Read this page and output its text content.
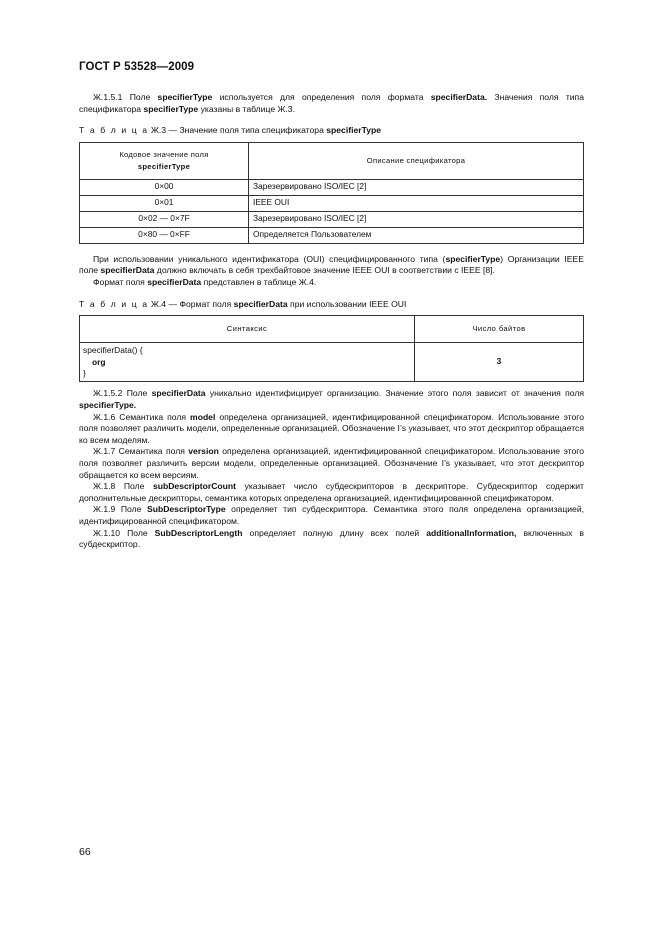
ГОСТ Р 53528—2009

Ж.1.5.1 Поле specifierType используется для определения поля формата specifierData. Значения поля типа спецификатора specifierType указаны в таблице Ж.3.

Т а б л и ц а Ж.3 — Значение поля типа спецификатора specifierType
Кодовое значение поля
specifierType	Описание спецификатора
0×00	Зарезервировано ISO/IEC [2]
0×01	IEEE OUI
0×02 — 0×7F	Зарезервировано ISO/IEC [2]
0×80 — 0×FF	Определяется Пользователем

При использовании уникального идентификатора (OUI) специфицированного типа (specifierType) Организации IEEE поле specifierData должно включать в себя трехбайтовое значение IEEE OUI в соответствии с IEEE [8].

Формат поля specifierData представлен в таблице Ж.4.

Т а б л и ц а Ж.4 — Формат поля specifierData при использовании IEEE OUI
Синтаксис	Число байтов

specifierData() {
org
}	3

Ж.1.5.2 Поле specifierData уникально идентифицирует организацию. Значение этого поля зависит от значения поля specifierType.

Ж.1.6 Семантика поля model определена организацией, идентифицированной спецификатором. Использование этого поля позволяет различить модели, определенные организацией. Обозначение I’s указывает, что этот дескриптор обращается ко всем моделям.

Ж.1.7 Семантика поля version определена организацией, идентифицированной спецификатором. Использование этого поля позволяет различить версии модели, определенные организацией. Обозначение I’s указывает, что этот дескриптор обращается ко всем версиям.

Ж.1.8 Поле subDescriptorCount указывает число субдескрипторов в дескрипторе. Субдескриптор содержит дополнительные дескрипторы, семантика которых определена организацией, идентифицированной спецификатором.

Ж.1.9 Поле SubDescriptorType определяет тип субдескриптора. Семантика этого поля определена организацией, идентифицированной спецификатором.

Ж.1.10 Поле SubDescriptorLength определяет полную длину всех полей additionalInformation, включенных в субдескриптор.

66
